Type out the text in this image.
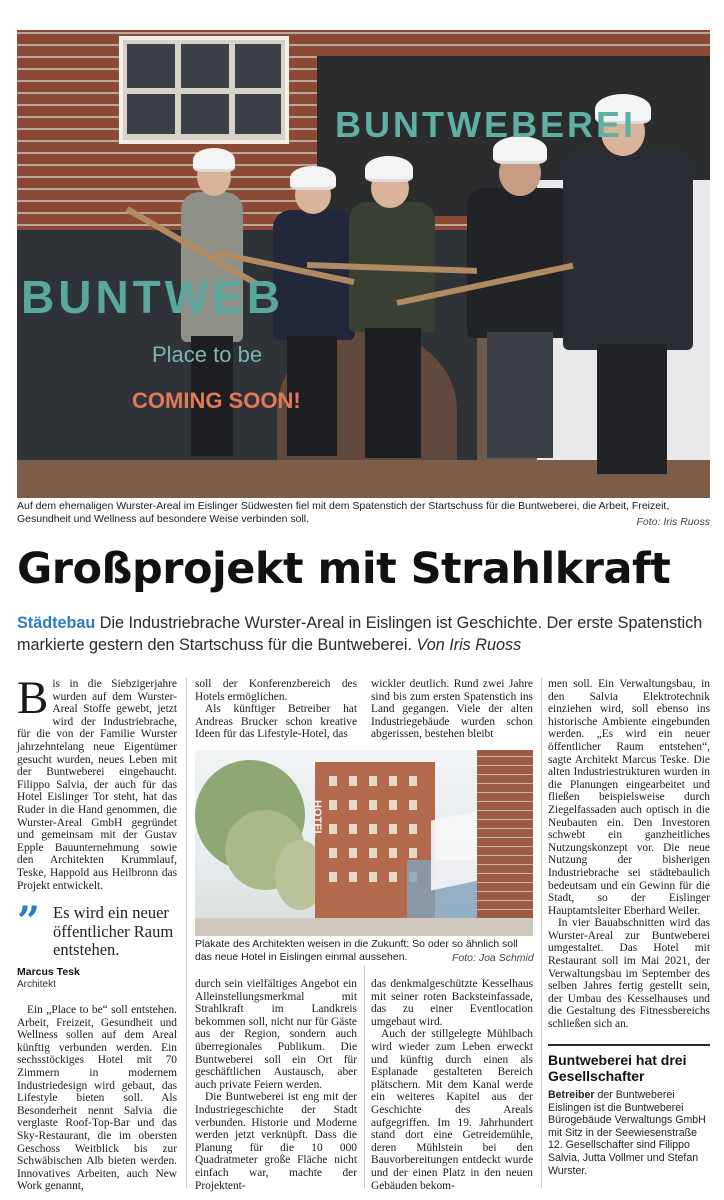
BUNTWEBEREI
BUNTWEB
Place to be
COMING SOON!
Auf dem ehemaligen Wurster-Areal im Eislinger Südwesten fiel mit dem Spatenstich der Startschuss für die Buntweberei, die Arbeit, Freizeit, Gesundheit und Wellness auf besondere Weise verbinden soll.	Foto: Iris Ruoss
Großprojekt mit Strahlkraft
Städtebau Die Industriebrache Wurster-Areal in Eislingen ist Geschichte. Der erste Spatenstich markierte gestern den Startschuss für die Buntweberei. Von Iris Ruoss

Bis in die Siebzigerjahre wurden auf dem Wurster-Areal Stoffe gewebt, jetzt wird der Industriebrache, für die von der Familie Wurster jahrzehntelang neue Eigentümer gesucht wurden, neues Leben mit der Buntweberei eingehaucht. Filippo Salvia, der auch für das Hotel Eislinger Tor steht, hat das Ruder in die Hand genommen, die Wurster-Areal GmbH gegründet und gemeinsam mit der Gustav Epple Bauunternehmung sowie den Architekten Krummlauf, Teske, Happold aus Heilbronn das Projekt entwickelt.

” Es wird ein neuer öffentlicher Raum entstehen.
Marcus Tesk
Architekt

Ein „Place to be“ soll entstehen. Arbeit, Freizeit, Gesundheit und Wellness sollen auf dem Areal künftig verbunden werden. Ein sechsstöckiges Hotel mit 70 Zimmern in modernem Industriedesign wird gebaut, das Lifestyle bieten soll. Als Besonderheit nennt Salvia die verglaste Roof-Top-Bar und das Sky-Restaurant, die im obersten Geschoss Weitblick bis zur Schwäbischen Alb bieten werden. Innovatives Arbeiten, auch New Work genannt,

soll der Konferenzbereich des Hotels ermöglichen.

Als künftiger Betreiber hat Andreas Brucker schon kreative Ideen für das Lifestyle-Hotel, das

wickler deutlich. Rund zwei Jahre sind bis zum ersten Spatenstich ins Land gegangen. Viele der alten Industriegebäude wurden schon abgerissen, bestehen bleibt

HOTEL
Plakate des Architekten weisen in die Zukunft: So oder so ähnlich soll das neue Hotel in Eislingen einmal aussehen.	Foto: Joa Schmid

durch sein vielfältiges Angebot ein Alleinstellungsmerkmal mit Strahlkraft im Landkreis bekommen soll, nicht nur für Gäste aus der Region, sondern auch überregionales Publikum. Die Buntweberei soll ein Ort für geschäftlichen Austausch, aber auch private Feiern werden.

Die Buntweberei ist eng mit der Industriegeschichte der Stadt verbunden. Historie und Moderne werden jetzt verknüpft. Dass die Planung für die 10 000 Quadratmeter große Fläche nicht einfach war, machte der Projektent-

das denkmalgeschützte Kesselhaus mit seiner roten Backsteinfassade, das zu einer Eventlocation umgebaut wird.

Auch der stillgelegte Mühlbach wird wieder zum Leben erweckt und künftig durch einen als Esplanade gestalteten Bereich plätschern. Mit dem Kanal werde ein weiteres Kapitel aus der Geschichte des Areals aufgegriffen. Im 19. Jahrhundert stand dort eine Getreidemühle, deren Mühlstein bei den Bauvorbereitungen entdeckt wurde und der einen Platz in den neuen Gebäuden bekom-

men soll. Ein Verwaltungsbau, in den Salvia Elektrotechnik einziehen wird, soll ebenso ins historische Ambiente eingebunden werden. „Es wird ein neuer öffentlicher Raum entstehen“, sagte Architekt Marcus Teske. Die alten Industriestrukturen wurden in die Planungen eingearbeitet und fließen beispielsweise durch Ziegelfassaden auch optisch in die Neubauten ein. Den Investoren schwebt ein ganzheitliches Nutzungskonzept vor. Die neue Nutzung der bisherigen Industriebrache sei städtebaulich bedeutsam und ein Gewinn für die Stadt, so der Eislinger Hauptamtsleiter Eberhard Weiler.

In vier Bauabschnitten wird das Wurster-Areal zur Buntweberei umgestaltet. Das Hotel mit Restaurant soll im Mai 2021, der Verwaltungsbau im September des selben Jahres fertig gestellt sein, der Umbau des Kesselhauses und die Gestaltung des Fitnessbereichs schließen sich an.

Buntweberei hat drei Gesellschafter
Betreiber der Buntweberei Eislingen ist die Buntweberei Bürogebäude Verwaltungs GmbH mit Sitz in der Seewiesenstraße 12. Gesellschafter sind Filippo Salvia, Jutta Vollmer und Stefan Wurster.
